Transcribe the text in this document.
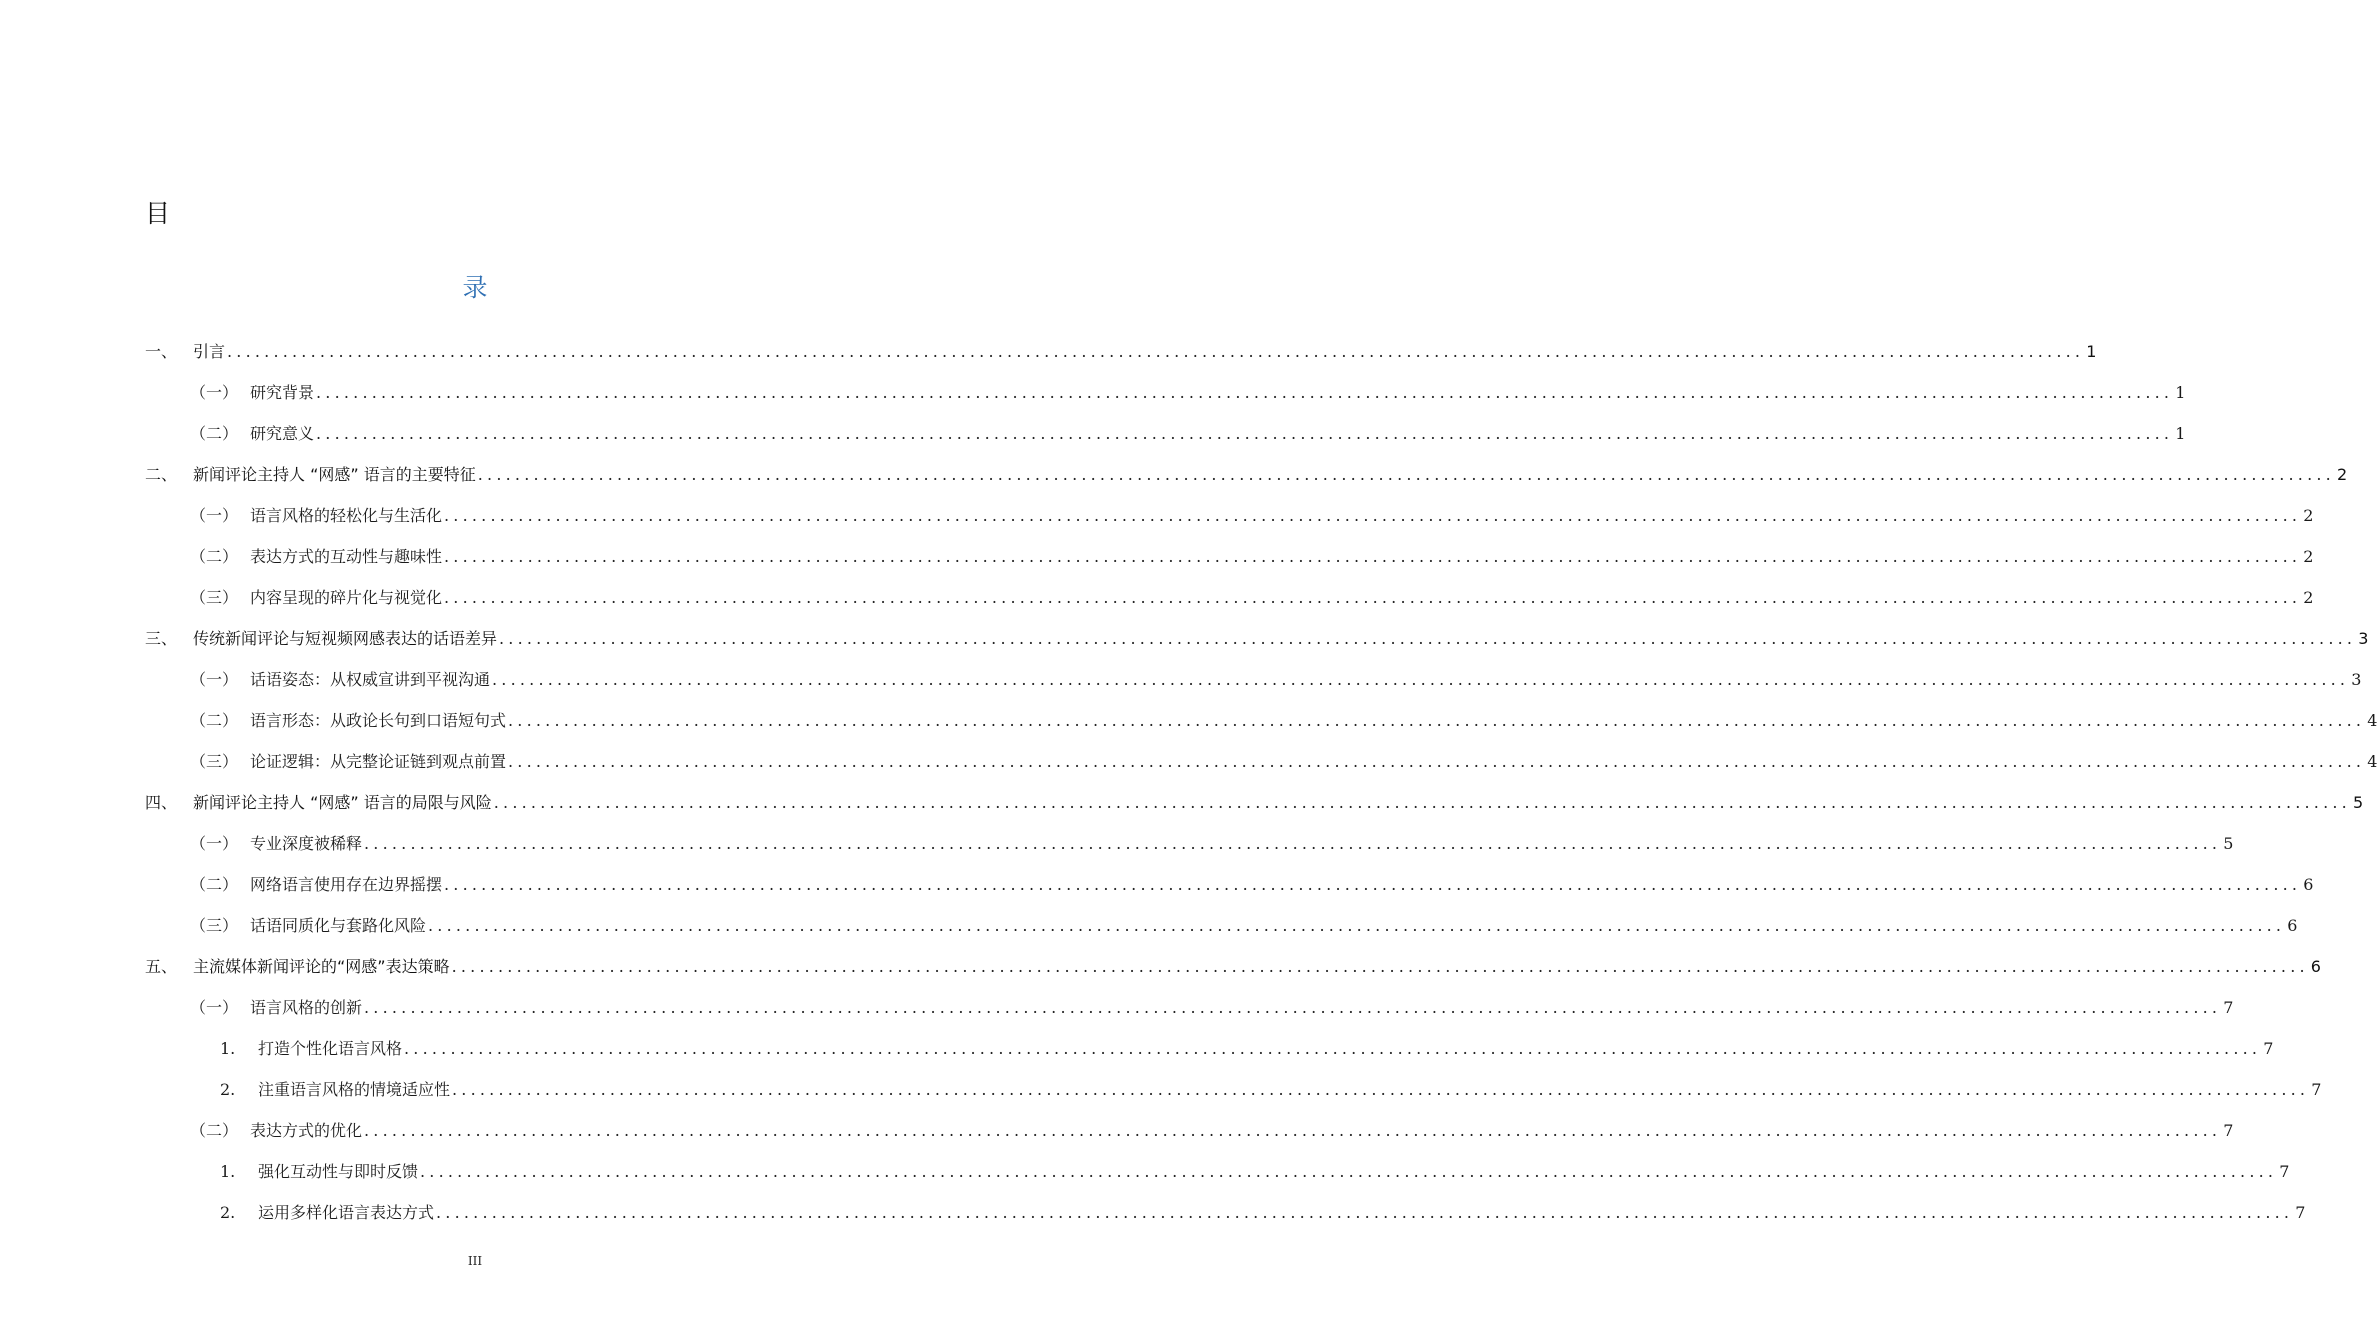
目
录
一、 引言 ........................................................................................................................................................................................................ 1
（一） 研究背景 ........................................................................................................................................................................................................ 1
（二） 研究意义 ........................................................................................................................................................................................................ 1
二、 新闻评论主持人 “网感” 语言的主要特征 ........................................................................................................................................................................................................ 2
（一） 语言风格的轻松化与生活化 ........................................................................................................................................................................................................ 2
（二） 表达方式的互动性与趣味性 ........................................................................................................................................................................................................ 2
（三） 内容呈现的碎片化与视觉化 ........................................................................................................................................................................................................ 2
三、 传统新闻评论与短视频网感表达的话语差异 ........................................................................................................................................................................................................ 3
（一） 话语姿态：从权威宣讲到平视沟通 ........................................................................................................................................................................................................ 3
（二） 语言形态：从政论长句到口语短句式 ........................................................................................................................................................................................................ 4
（三） 论证逻辑：从完整论证链到观点前置 ........................................................................................................................................................................................................ 4
四、 新闻评论主持人 “网感” 语言的局限与风险 ........................................................................................................................................................................................................ 5
（一） 专业深度被稀释 ........................................................................................................................................................................................................ 5
（二） 网络语言使用存在边界摇摆 ........................................................................................................................................................................................................ 6
（三） 话语同质化与套路化风险 ........................................................................................................................................................................................................ 6
五、 主流媒体新闻评论的“网感”表达策略 ........................................................................................................................................................................................................ 6
（一） 语言风格的创新 ........................................................................................................................................................................................................ 7
1.	打造个性化语言风格 ........................................................................................................................................................................................................ 7
2.	注重语言风格的情境适应性 ........................................................................................................................................................................................................ 7
（二） 表达方式的优化 ........................................................................................................................................................................................................ 7
1.	强化互动性与即时反馈 ........................................................................................................................................................................................................ 7
2.	运用多样化语言表达方式 ........................................................................................................................................................................................................ 7
III
